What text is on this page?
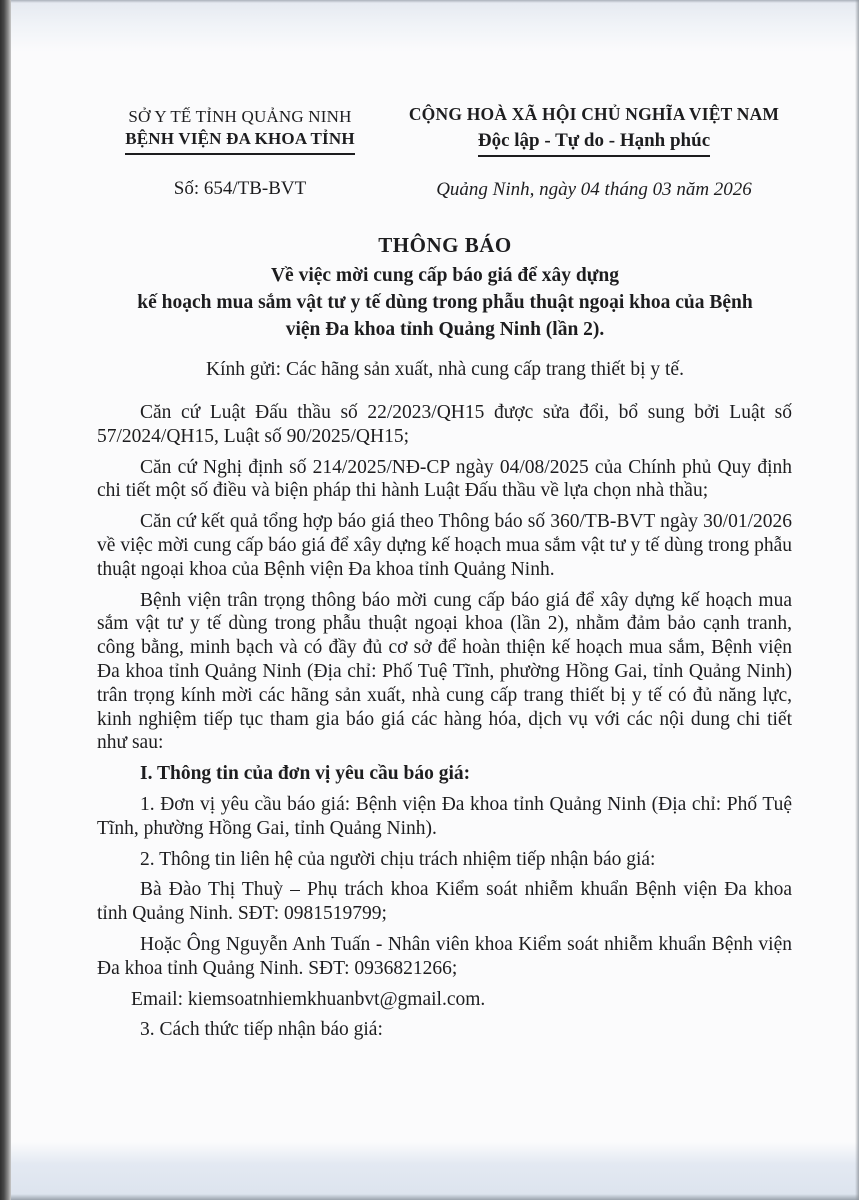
SỞ Y TẾ TỈNH QUẢNG NINH
BỆNH VIỆN ĐA KHOA TỈNH
Số: 654/TB-BVT
CỘNG HOÀ XÃ HỘI CHỦ NGHĨA VIỆT NAM
Độc lập - Tự do - Hạnh phúc
Quảng Ninh, ngày 04 tháng 03 năm 2026
THÔNG BÁO
Về việc mời cung cấp báo giá để xây dựng
kế hoạch mua sắm vật tư y tế dùng trong phẫu thuật ngoại khoa của Bệnh
viện Đa khoa tỉnh Quảng Ninh (lần 2).
Kính gửi: Các hãng sản xuất, nhà cung cấp trang thiết bị y tế.

Căn cứ Luật Đấu thầu số 22/2023/QH15 được sửa đổi, bổ sung bởi Luật số 57/2024/QH15, Luật số 90/2025/QH15;

Căn cứ Nghị định số 214/2025/NĐ-CP ngày 04/08/2025 của Chính phủ Quy định chi tiết một số điều và biện pháp thi hành Luật Đấu thầu về lựa chọn nhà thầu;

Căn cứ kết quả tổng hợp báo giá theo Thông báo số 360/TB-BVT ngày 30/01/2026 về việc mời cung cấp báo giá để xây dựng kế hoạch mua sắm vật tư y tế dùng trong phẫu thuật ngoại khoa của Bệnh viện Đa khoa tỉnh Quảng Ninh.

Bệnh viện trân trọng thông báo mời cung cấp báo giá để xây dựng kế hoạch mua sắm vật tư y tế dùng trong phẫu thuật ngoại khoa (lần 2), nhằm đảm bảo cạnh tranh, công bằng, minh bạch và có đầy đủ cơ sở để hoàn thiện kế hoạch mua sắm, Bệnh viện Đa khoa tỉnh Quảng Ninh (Địa chỉ: Phố Tuệ Tĩnh, phường Hồng Gai, tỉnh Quảng Ninh) trân trọng kính mời các hãng sản xuất, nhà cung cấp trang thiết bị y tế có đủ năng lực, kinh nghiệm tiếp tục tham gia báo giá các hàng hóa, dịch vụ với các nội dung chi tiết như sau:

I. Thông tin của đơn vị yêu cầu báo giá:

1. Đơn vị yêu cầu báo giá: Bệnh viện Đa khoa tỉnh Quảng Ninh (Địa chỉ: Phố Tuệ Tĩnh, phường Hồng Gai, tỉnh Quảng Ninh).

2. Thông tin liên hệ của người chịu trách nhiệm tiếp nhận báo giá:

Bà Đào Thị Thuỳ – Phụ trách khoa Kiểm soát nhiễm khuẩn Bệnh viện Đa khoa tỉnh Quảng Ninh. SĐT: 0981519799;

Hoặc Ông Nguyễn Anh Tuấn - Nhân viên khoa Kiểm soát nhiễm khuẩn Bệnh viện Đa khoa tỉnh Quảng Ninh. SĐT: 0936821266;

Email: kiemsoatnhiemkhuanbvt@gmail.com.

3. Cách thức tiếp nhận báo giá:
